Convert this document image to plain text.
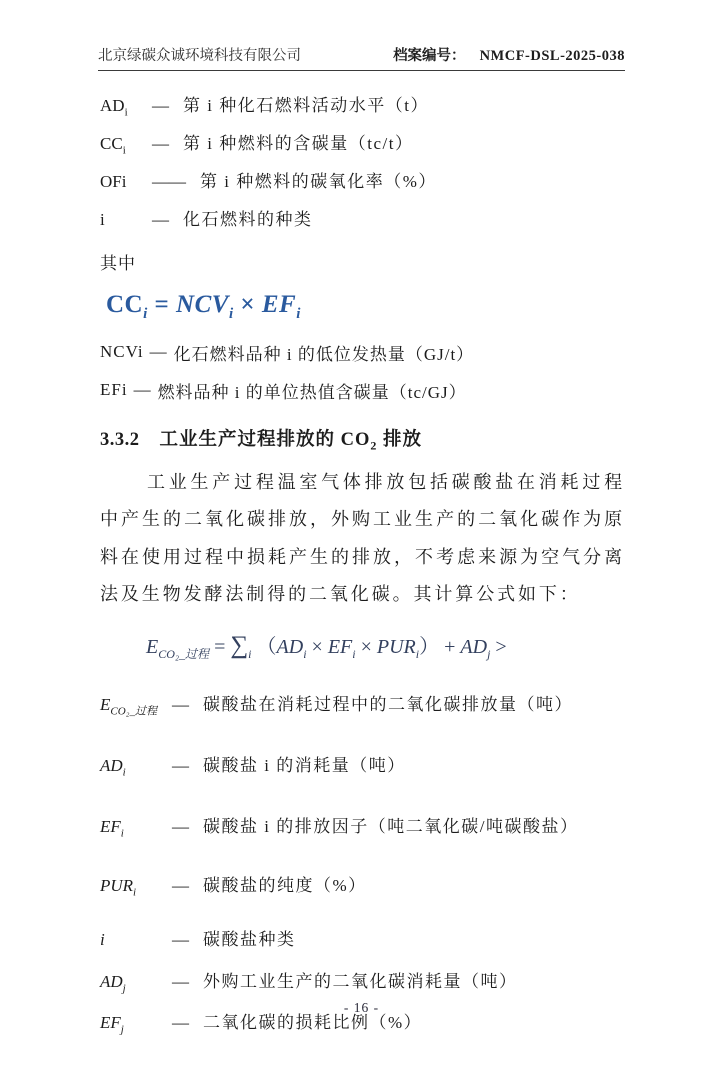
北京绿碳众诚环境科技有限公司	档案编号： NMCF-DSL-2025-038
$AD_i$	— 第 i 种化石燃料活动水平（t）
$CC_i$	— 第 i 种燃料的含碳量（tc/t）
OFi	—— 第 i 种燃料的碳氧化率（%）
i	— 化石燃料的种类
其中
$CC_i = NCV_i \times EF_i$
NCVi — 化石燃料品种 i 的低位发热量（GJ/t）
EFi — 燃料品种 i 的单位热值含碳量（tc/GJ）
3.3.2 工业生产过程排放的 $CO_2$ 排放
工业生产过程温室气体排放包括碳酸盐在消耗过程中产生的二氧化碳排放，外购工业生产的二氧化碳作为原料在使用过程中损耗产生的排放，不考虑来源为空气分离法及生物发酵法制得的二氧化碳。其计算公式如下：
$E_{CO_2\_过程} = \sum_i$ $(AD_i \times EF_i \times PUR_i) + AD_j$ >
$E_{CO_2\_过程}$ — 碳酸盐在消耗过程中的二氧化碳排放量（吨）
$AD_i$	— 碳酸盐 i 的消耗量（吨）
$EF_i$	— 碳酸盐 i 的排放因子（吨二氧化碳/吨碳酸盐）
$PUR_i$	— 碳酸盐的纯度（%）
i	— 碳酸盐种类
$AD_j$	— 外购工业生产的二氧化碳消耗量（吨）
$EF_j$	— 二氧化碳的损耗比例（%）
- 16 -
